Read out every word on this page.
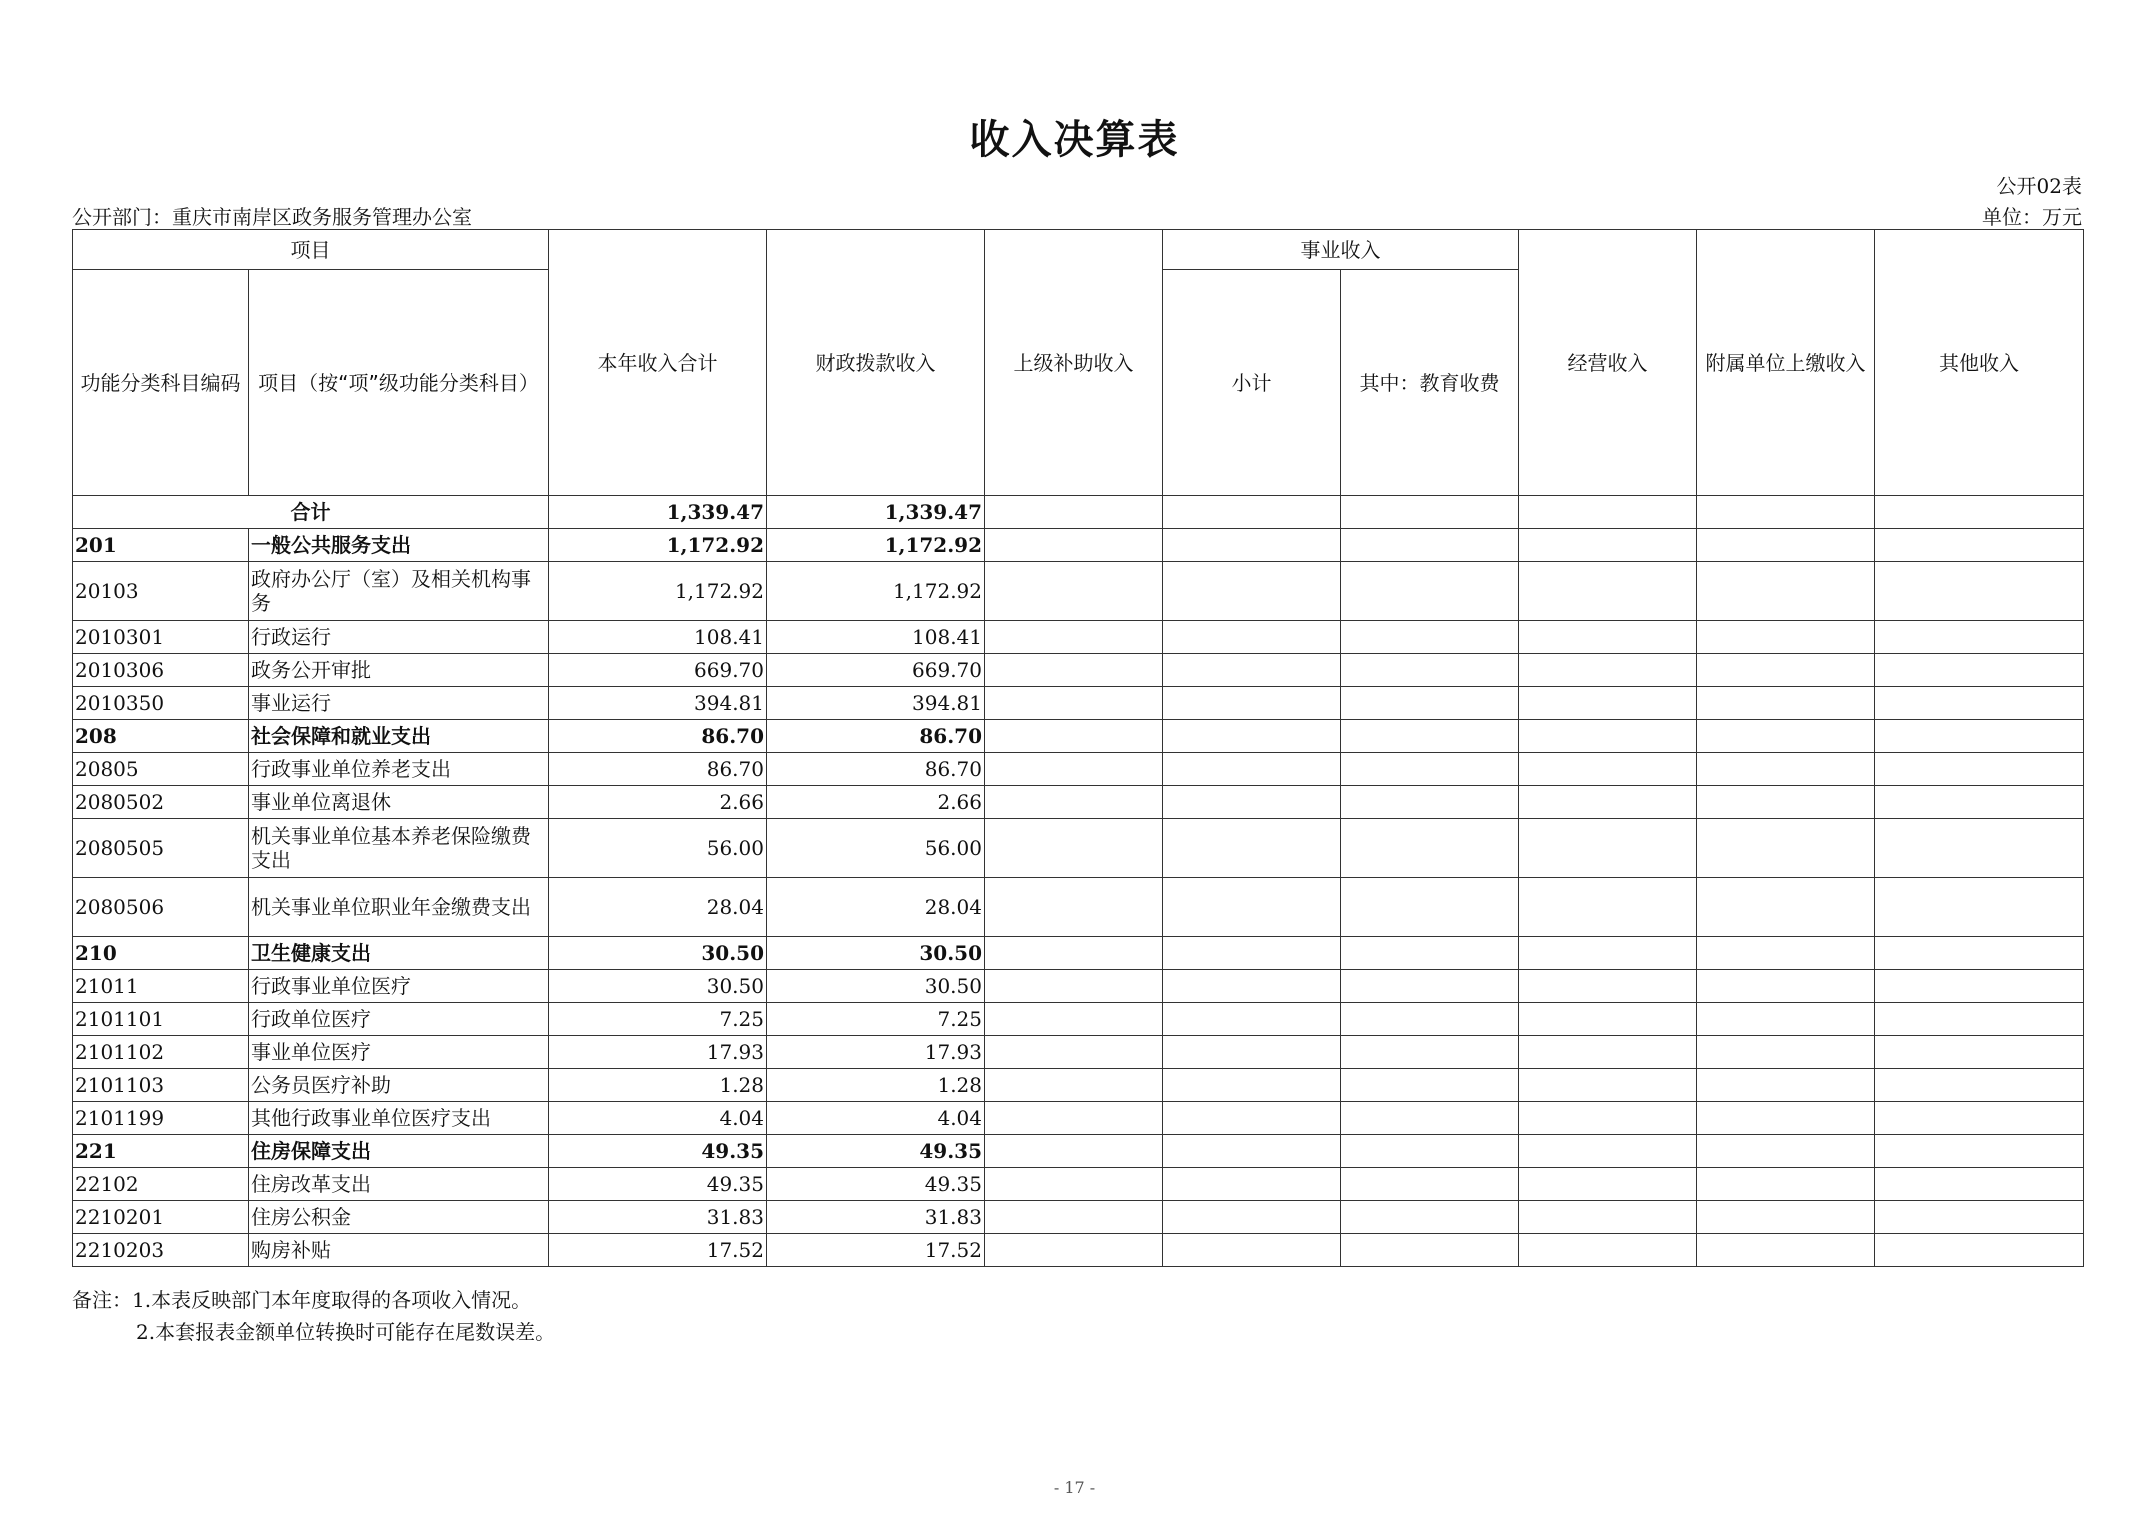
收入决算表
公开02表
公开部门：重庆市南岸区政务服务管理办公室	单位：万元
项目		本年收入合计	财政拨款收入	上级补助收入	事业收入		经营收入	附属单位上缴收入	其他收入
功能分类科目编码	项目（按“项”级功能分类科目）				小计	其中：教育收费			
合计		1,339.47	1,339.47						
201	一般公共服务支出	1,172.92	1,172.92						
20103	政府办公厅（室）及相关机构事务	1,172.92	1,172.92						
2010301	行政运行	108.41	108.41						
2010306	政务公开审批	669.70	669.70						
2010350	事业运行	394.81	394.81						
208	社会保障和就业支出	86.70	86.70						
20805	行政事业单位养老支出	86.70	86.70						
2080502	事业单位离退休	2.66	2.66						
2080505	机关事业单位基本养老保险缴费支出	56.00	56.00						
2080506	机关事业单位职业年金缴费支出	28.04	28.04						
210	卫生健康支出	30.50	30.50						
21011	行政事业单位医疗	30.50	30.50						
2101101	行政单位医疗	7.25	7.25						
2101102	事业单位医疗	17.93	17.93						
2101103	公务员医疗补助	1.28	1.28						
2101199	其他行政事业单位医疗支出	4.04	4.04						
221	住房保障支出	49.35	49.35						
22102	住房改革支出	49.35	49.35						
2210201	住房公积金	31.83	31.83						
2210203	购房补贴	17.52	17.52						
备注：1.本表反映部门本年度取得的各项收入情况。
2.本套报表金额单位转换时可能存在尾数误差。
- 17 -
